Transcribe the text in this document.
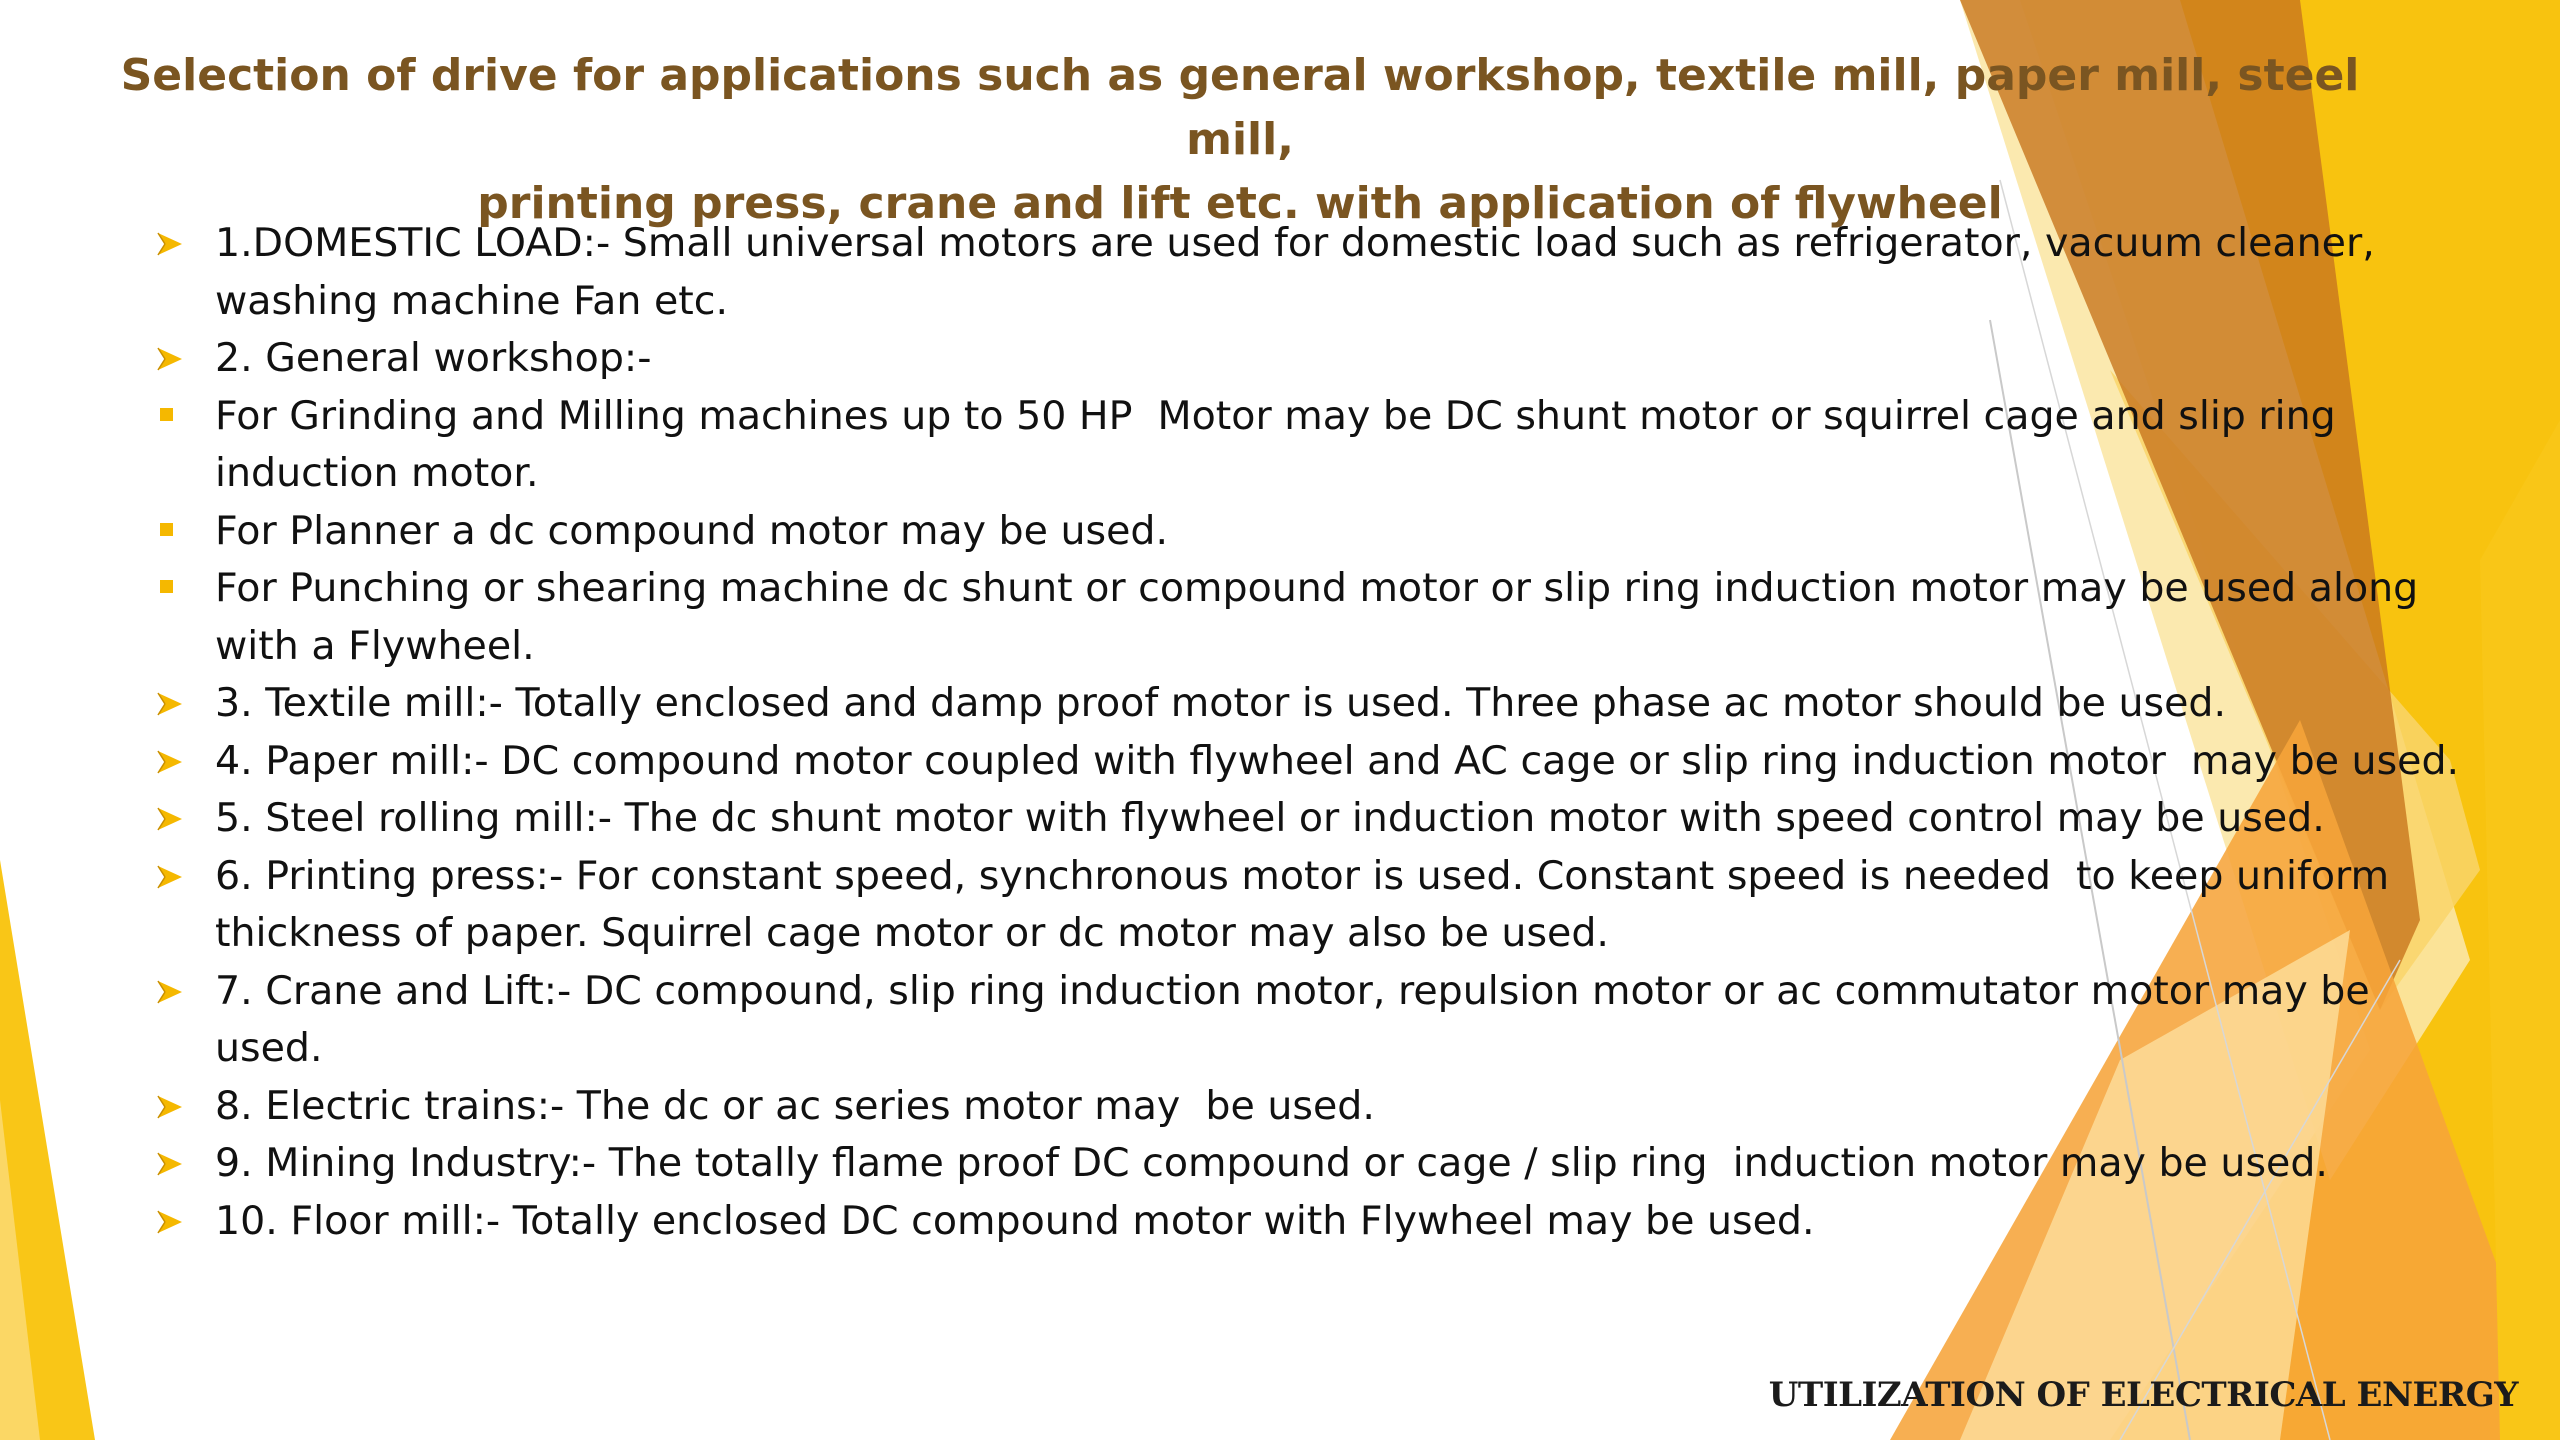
Selection of drive for applications such as general workshop, textile mill, paper mill, steel mill,
printing press, crane and lift etc. with application of flywheel
1.DOMESTIC LOAD:- Small universal motors are used for domestic load such as refrigerator, vacuum cleaner,
washing machine Fan etc.
2. General workshop:-
For Grinding and Milling machines up to 50 HP  Motor may be DC shunt motor or squirrel cage and slip ring
induction motor.
For Planner a dc compound motor may be used.
For Punching or shearing machine dc shunt or compound motor or slip ring induction motor may be used along
with a Flywheel.
3. Textile mill:- Totally enclosed and damp proof motor is used. Three phase ac motor should be used.
4. Paper mill:- DC compound motor coupled with flywheel and AC cage or slip ring induction motor  may be used.
5. Steel rolling mill:- The dc shunt motor with flywheel or induction motor with speed control may be used.
6. Printing press:- For constant speed, synchronous motor is used. Constant speed is needed  to keep uniform
thickness of paper. Squirrel cage motor or dc motor may also be used.
7. Crane and Lift:- DC compound, slip ring induction motor, repulsion motor or ac commutator motor may be used.
8. Electric trains:- The dc or ac series motor may  be used.
9. Mining Industry:- The totally flame proof DC compound or cage / slip ring  induction motor may be used.
10. Floor mill:- Totally enclosed DC compound motor with Flywheel may be used.
UTILIZATION OF ELECTRICAL ENERGY
